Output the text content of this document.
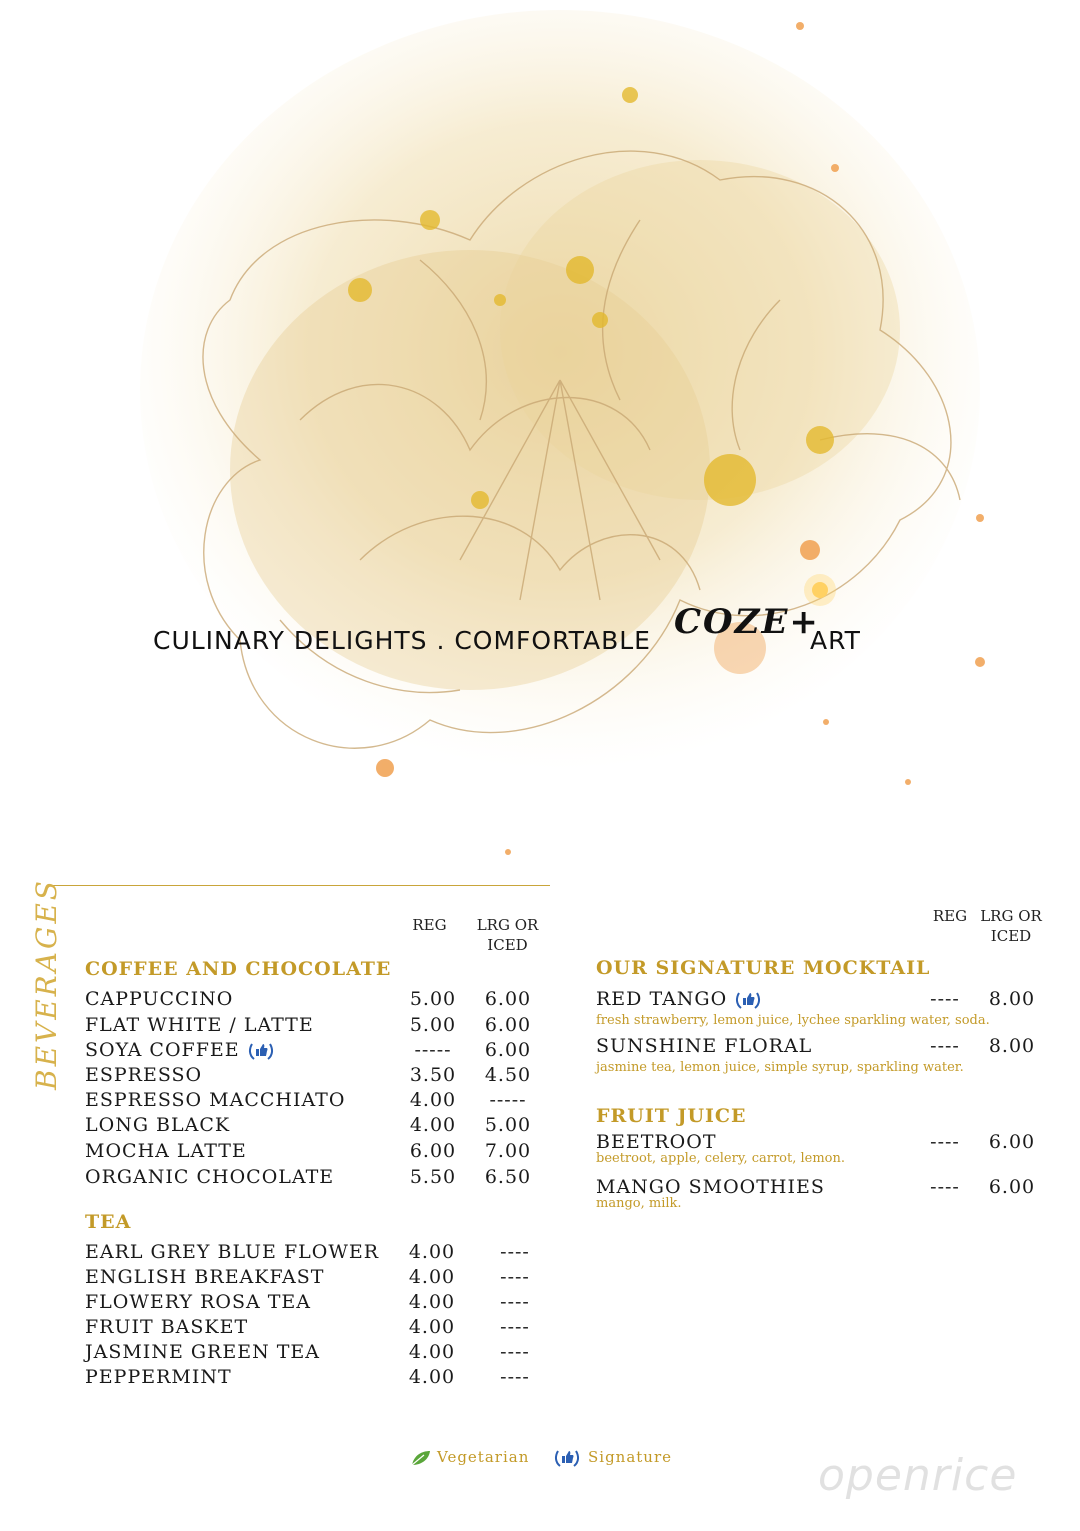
CULINARY DELIGHTS . COMFORTABLE COZE+
ART
BEVERAGES	REG	LRG OR ICED
COFFEE AND CHOCOLATE
CAPPUCCINO	5.00	6.00
FLAT WHITE / LATTE	5.00	6.00
SOYA COFFEE	-----	6.00
ESPRESSO	3.50	4.50
ESPRESSO MACCHIATO	4.00	-----
LONG BLACK	4.00	5.00
MOCHA LATTE	6.00	7.00
ORGANIC CHOCOLATE	5.50	6.50
TEA
EARL GREY BLUE FLOWER	4.00	----
ENGLISH BREAKFAST	4.00	----
FLOWERY ROSA TEA	4.00	----
FRUIT BASKET	4.00	----
JASMINE GREEN TEA	4.00	----
PEPPERMINT	4.00	----
REG LRG OR ICED
OUR SIGNATURE MOCKTAIL
RED TANGO	----	8.00
fresh strawberry, lemon juice, lychee sparkling water, soda.
SUNSHINE FLORAL	----	8.00
jasmine tea, lemon juice, simple syrup, sparkling water.
FRUIT JUICE
BEETROOT	----	6.00
beetroot, apple, celery, carrot, lemon.
MANGO SMOOTHIES	----	6.00
mango, milk.
Vegetarian	Signature	openrice
